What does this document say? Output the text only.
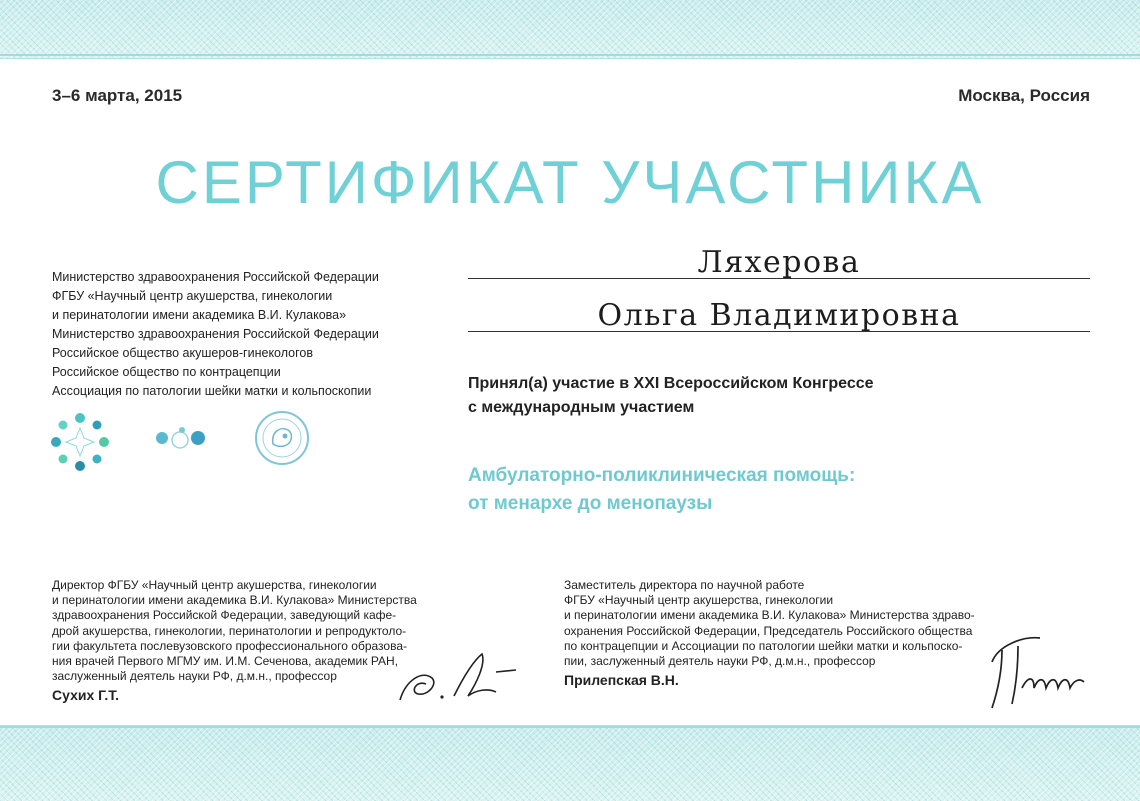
3–6 марта, 2015	Москва, Россия
СЕРТИФИКАТ УЧАСТНИКА
Министерство здравоохранения Российской Федерации
ФГБУ «Научный центр акушерства, гинекологии
и перинатологии имени академика В.И. Кулакова»
Министерство здравоохранения Российской Федерации
Российское общество акушеров-гинекологов
Российское общество по контрацепции
Ассоциация по патологии шейки матки и кольпоскопии
Ляхерова
Ольга Владимировна
Принял(а) участие в XXI Всероссийском Конгрессе
с международным участием
Амбулаторно-поликлиническая помощь:
от менархе до менопаузы
Директор ФГБУ «Научный центр акушерства, гинекологии
и перинатологии имени академика В.И. Кулакова» Министерства
здравоохранения Российской Федерации, заведующий кафе-
дрой акушерства, гинекологии, перинатологии и репродуктоло-
гии факультета послевузовского профессионального образова-
ния врачей Первого МГМУ им. И.М. Сеченова, академик РАН,
заслуженный деятель науки РФ, д.м.н., профессор
Сухих Г.Т.
Заместитель директора по научной работе
ФГБУ «Научный центр акушерства, гинекологии
и перинатологии имени академика В.И. Кулакова» Министерства здраво-
охранения Российской Федерации, Председатель Российского общества
по контрацепции и Ассоциации по патологии шейки матки и кольпоско-
пии, заслуженный деятель науки РФ, д.м.н., профессор
Прилепская В.Н.
